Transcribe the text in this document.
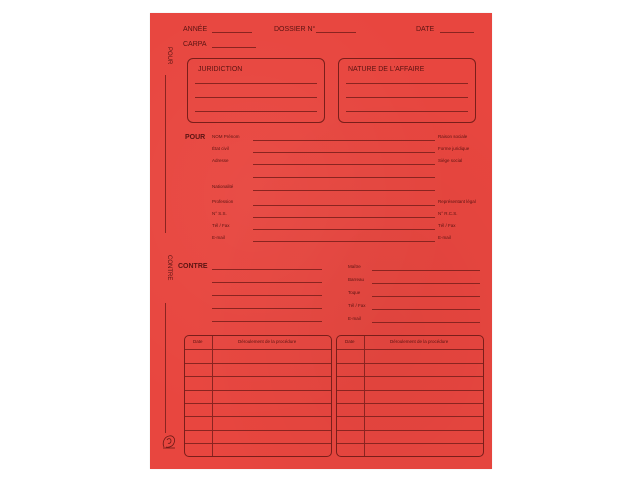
ANNÉE	DOSSIER N°	DATE
CARPA
POUR
CONTRE
JURIDICTION	NATURE DE L'AFFAIRE
POUR NOM Prénom
État civil
Adresse
Nationalité
Profession
N° S.S.
Tél / Fax
E-mail
Raison sociale
Forme juridique
Siège social
Représentant légal
N° R.C.S.
Tél / Fax
E-mail
CONTRE	Maître
Barreau
Toque
Tél / Fax
E-mail
Date	Déroulement de la procédure	Date	Déroulement de la procédure
